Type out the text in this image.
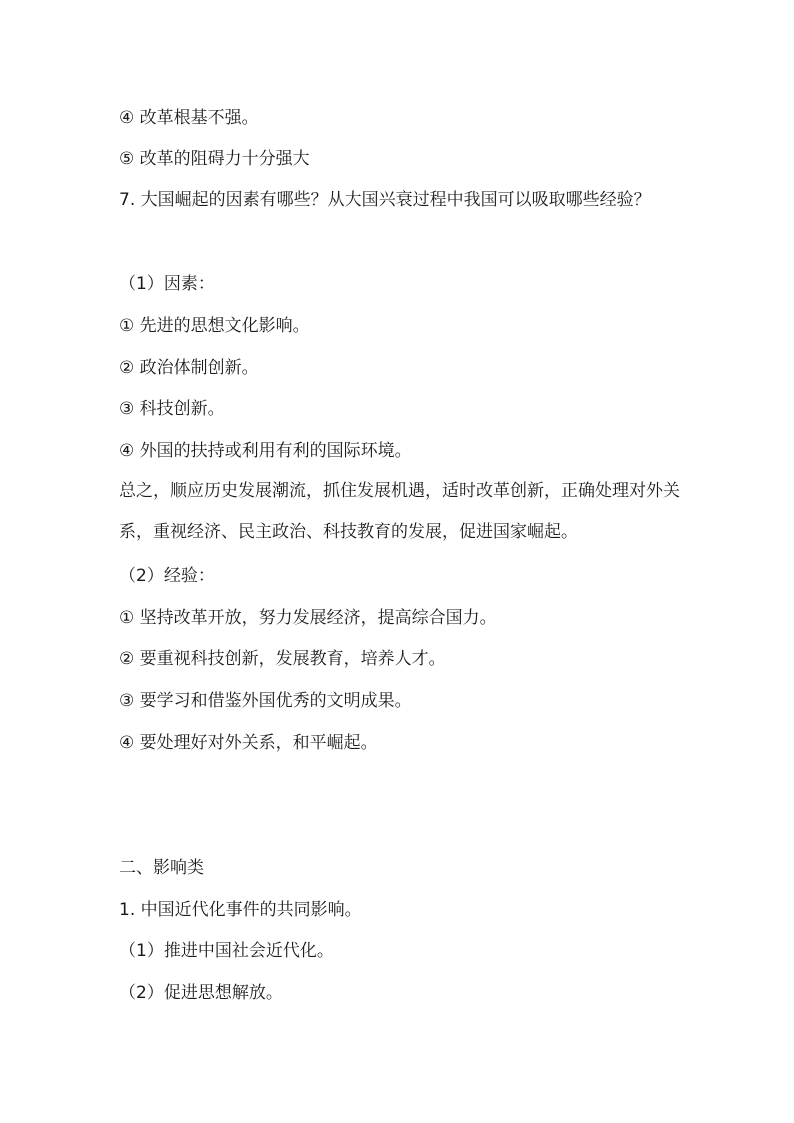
④ 改革根基不强。
⑤ 改革的阻碍力十分强大
7. 大国崛起的因素有哪些？从大国兴衰过程中我国可以吸取哪些经验？
（1）因素：
① 先进的思想文化影响。
② 政治体制创新。
③ 科技创新。
④ 外国的扶持或利用有利的国际环境。
总之，顺应历史发展潮流，抓住发展机遇，适时改革创新，正确处理对外关系，重视经济、民主政治、科技教育的发展，促进国家崛起。
（2）经验：
① 坚持改革开放，努力发展经济，提高综合国力。
② 要重视科技创新，发展教育，培养人才。
③ 要学习和借鉴外国优秀的文明成果。
④ 要处理好对外关系，和平崛起。
二、影响类
1. 中国近代化事件的共同影响。
（1）推进中国社会近代化。
（2）促进思想解放。
